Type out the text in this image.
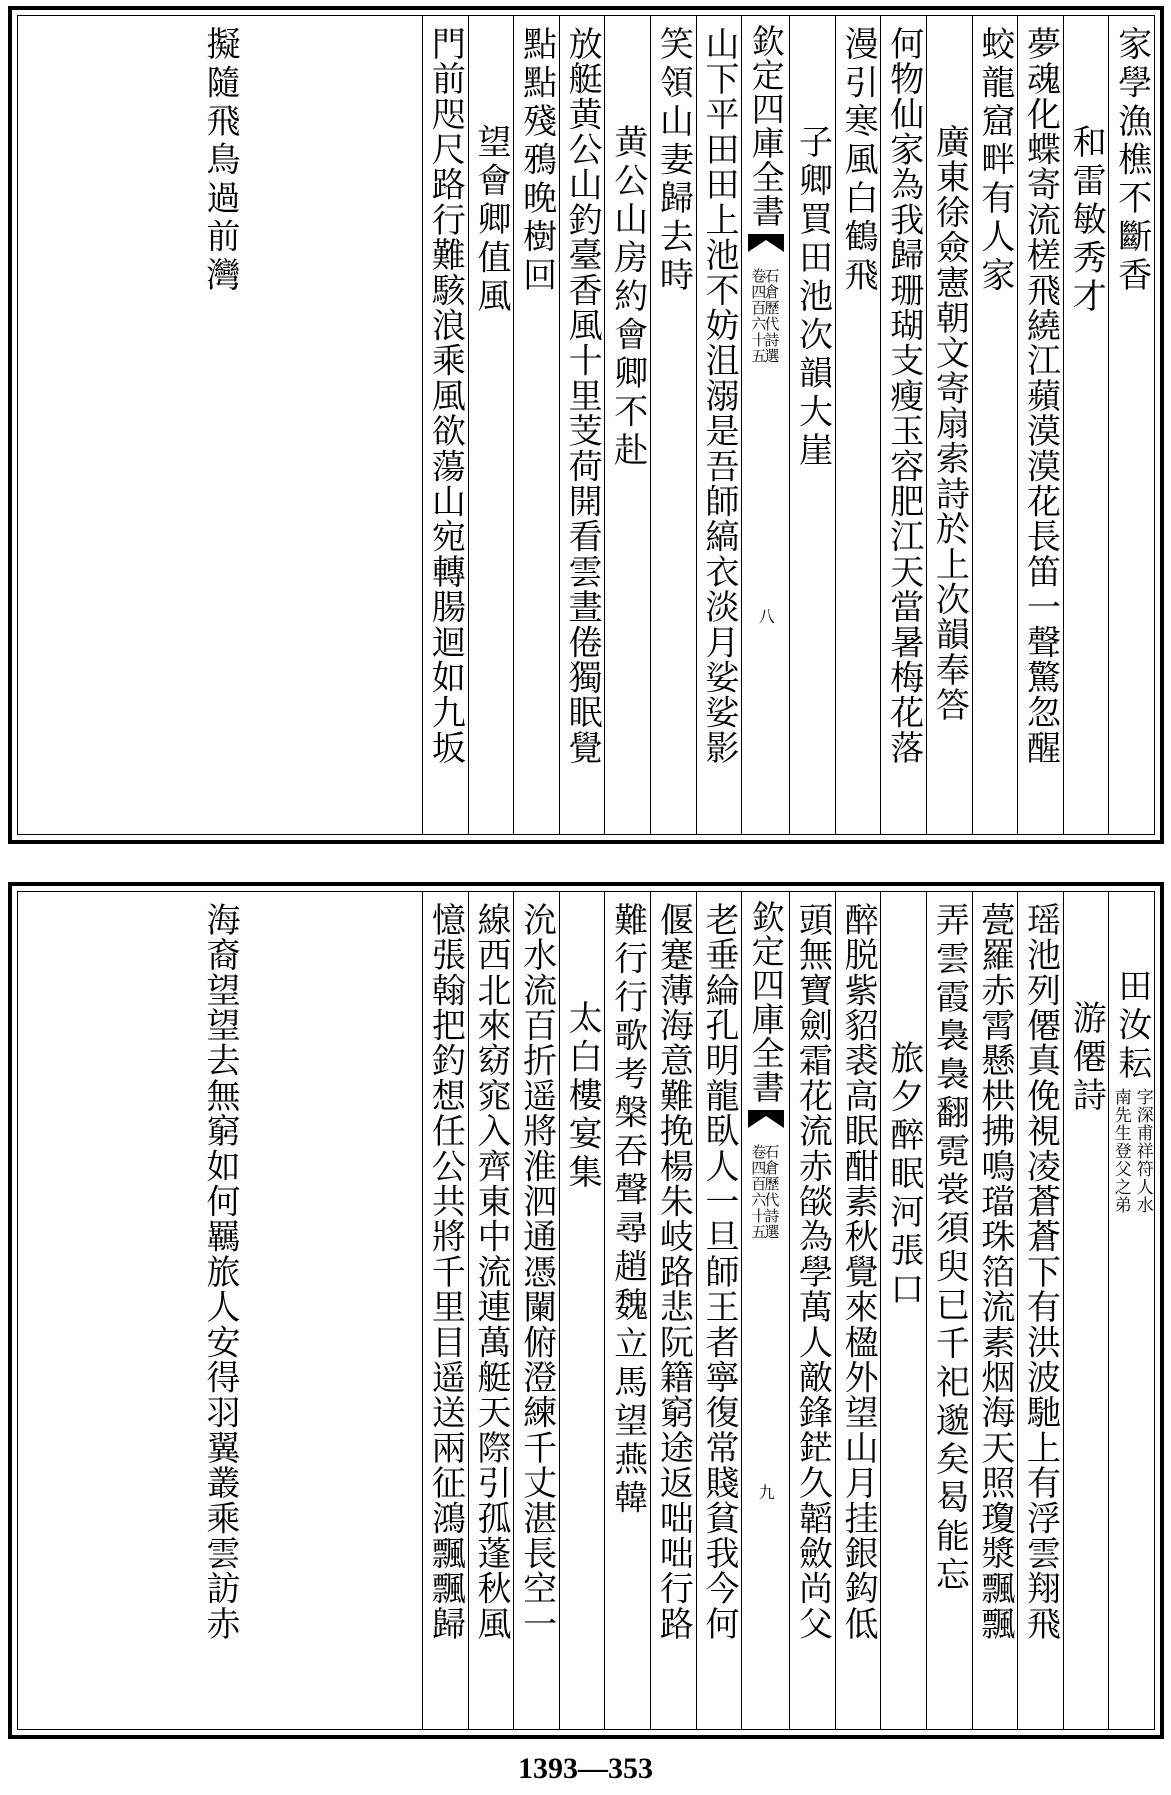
家學漁樵不斷香
和雷敏秀才
夢魂化蝶寄流槎飛繞江蘋漠漠花長笛一聲驚忽醒
蛟龍窟畔有人家
廣東徐僉憲朝文寄扇索詩於上次韻奉答
何物仙家為我歸珊瑚支瘦玉容肥江天當暑梅花落
漫引寒風白鶴飛
子卿買田池次韻大崖
欽定四庫全書
石倉歷代詩選
卷四百六十五
八
山下平田田上池不妨沮溺是吾師縞衣淡月娑娑影
笑領山妻歸去時
黄公山房約會卿不赴
放艇黄公山釣臺香風十里芰荷開看雲晝倦獨眠覺
點點殘鴉晚樹回
望會卿值風
門前咫尺路行難駭浪乘風欲蕩山宛轉腸迴如九坂
擬隨飛鳥過前灣
田汝耘
字深甫祥符人水
南先生登父之弟
游僊詩
瑶池列僊真俛視凌蒼蒼下有洪波馳上有浮雲翔飛
甍羅赤霄懸栱拂鳴璫珠箔流素烟海天照瓊漿飄飄
弄雲霞裊裊翻霓裳須臾已千祀邈矣曷能忘
旅夕醉眠河張口
醉脱紫貂裘高眠酣素秋覺來楹外望山月挂銀鈎低
頭無寶劍霜花流赤燄為學萬人敵鋒鋩久韜斂尚父
欽定四庫全書
石倉歷代詩選
卷四百六十五
九
老垂綸孔明龍臥人一旦師王者寧復常賤貧我今何
偃蹇薄海意難挽楊朱岐路悲阮籍窮途返咄咄行路
難行行歌考槃吞聲尋趙魏立馬望燕韓
太白樓宴集
沇水流百折遥將淮泗通憑闌俯澄練千丈湛長空一
線西北來窈窕入齊東中流連萬艇天際引孤蓬秋風
憶張翰把釣想任公共將千里目遥送兩征鴻飄飄歸
海裔望望去無窮如何羈旅人安得羽翼叢乘雲訪赤
1393—353
